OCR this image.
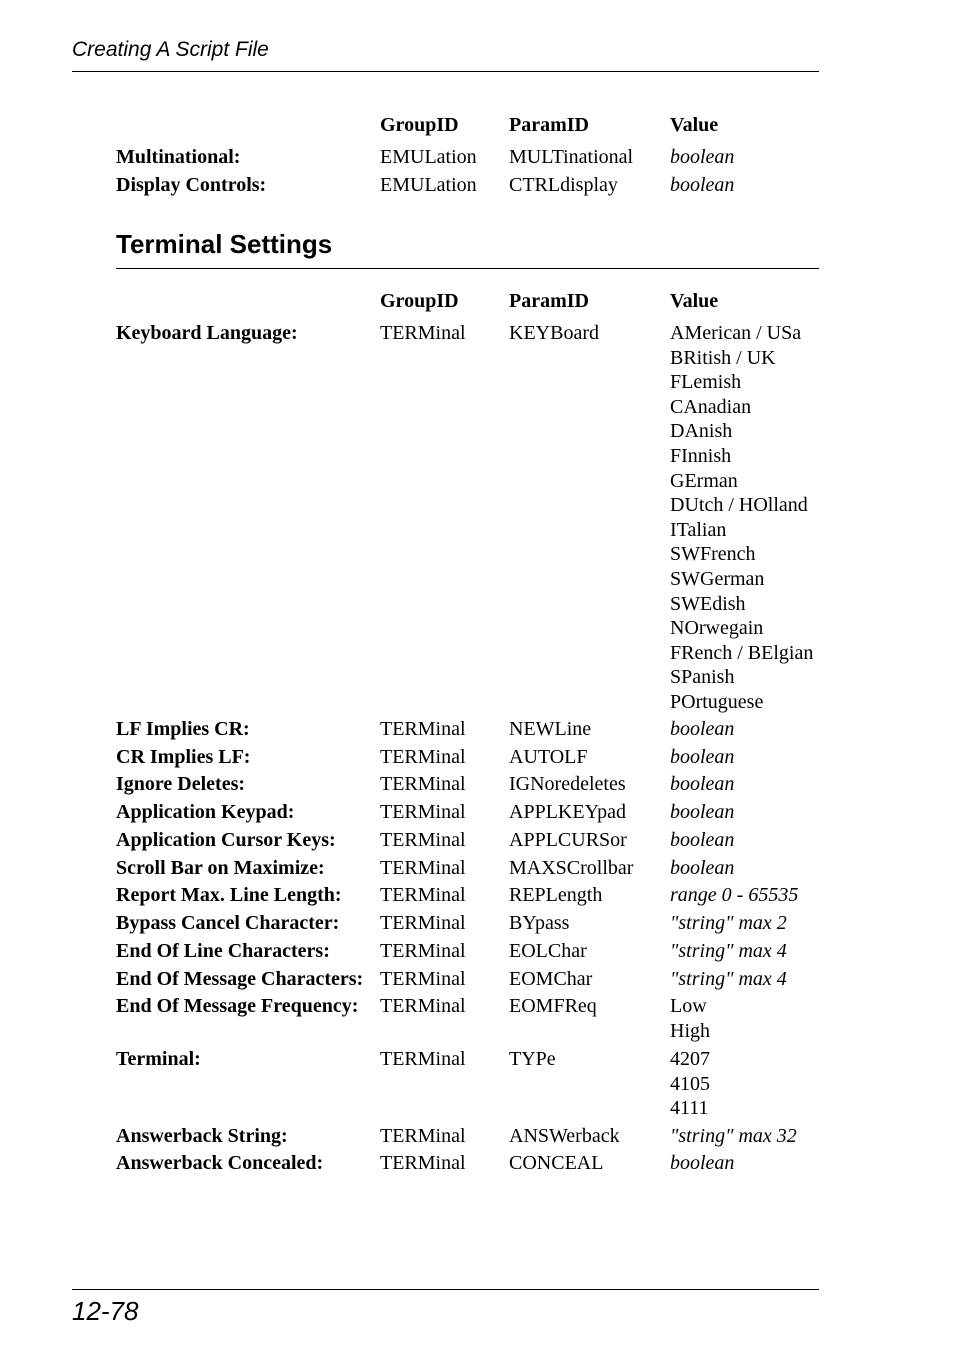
Creating A Script File
GroupID	ParamID	Value
Multinational:	EMULation MULTinational boolean
Display Controls:	EMULation CTRLdisplay	boolean
Terminal Settings
GroupID	ParamID	Value
Keyboard Language:	TERMinal KEYBoard	AMerican / USa
BRitish / UK
FLemish
CAnadian
DAnish
FInnish
GErman
DUtch / HOlland
ITalian
SWFrench
SWGerman
SWEdish
NOrwegain
FRench / BElgian
SPanish
POrtuguese
LF Implies CR:	TERMinal NEWLine	boolean
CR Implies LF:	TERMinal AUTOLF	boolean
Ignore Deletes:	TERMinal IGNoredeletes boolean
Application Keypad:	TERMinal APPLKEYpad boolean
Application Cursor Keys: TERMinal APPLCURSor boolean
Scroll Bar on Maximize:	TERMinal MAXSCrollbar boolean
Report Max. Line Length: TERMinal REPLength	range 0 - 65535
Bypass Cancel Character: TERMinal BYpass	"string" max 2
End Of Line Characters:	TERMinal EOLChar	"string" max 4
End Of Message Characters: TERMinal EOMChar	"string" max 4
End Of Message Frequency: TERMinal EOMFReq	Low
High
Terminal:	TERMinal TYPe	4207
4105
4111
Answerback String:	TERMinal ANSWerback	"string" max 32
Answerback Concealed:	TERMinal CONCEAL	boolean
12-78
